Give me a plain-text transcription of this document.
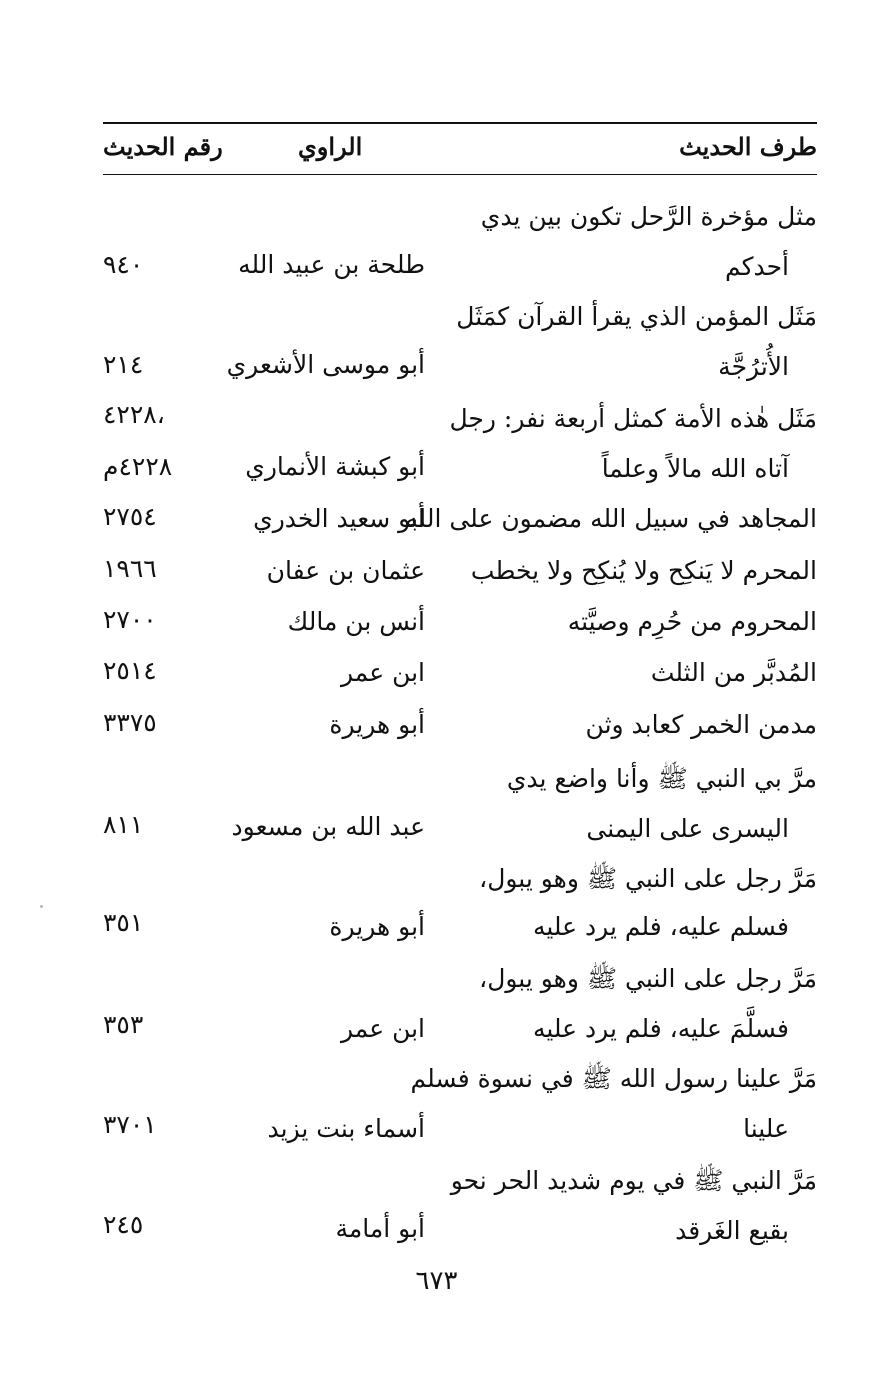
طرف الحديث
الراوي
رقم الحديث
مثل مؤخرة الرَّحل تكون بين يدي
أحدكم
طلحة بن عبيد الله
٩٤٠
مَثَل المؤمن الذي يقرأ القرآن كمَثَل
الأُترُجَّة
أبو موسى الأشعري
٢١٤
مَثَل هٰذه الأمة كمثل أربعة نفر: رجل
٤٢٢٨،
آتاه الله مالاً وعلماً
أبو كبشة الأنماري
٤٢٢٨م
المجاهد في سبيل الله مضمون على الله
أبو سعيد الخدري
٢٧٥٤
المحرم لا يَنكِح ولا يُنكِح ولا يخطب
عثمان بن عفان
١٩٦٦
المحروم من حُرِم وصيَّته
أنس بن مالك
٢٧٠٠
المُدبَّر من الثلث
ابن عمر
٢٥١٤
مدمن الخمر كعابد وثن
أبو هريرة
٣٣٧٥
مرَّ بي النبي ﷺ وأنا واضع يدي
اليسرى على اليمنى
عبد الله بن مسعود
٨١١
مَرَّ رجل على النبي ﷺ وهو يبول،
فسلم عليه، فلم يرد عليه
أبو هريرة
٣٥١
مَرَّ رجل على النبي ﷺ وهو يبول،
فسلَّمَ عليه، فلم يرد عليه
ابن عمر
٣٥٣
مَرَّ علينا رسول الله ﷺ في نسوة فسلم
علينا
أسماء بنت يزيد
٣٧٠١
مَرَّ النبي ﷺ في يوم شديد الحر نحو
بقيع الغَرقد
أبو أمامة
٢٤٥
٦٧٣
